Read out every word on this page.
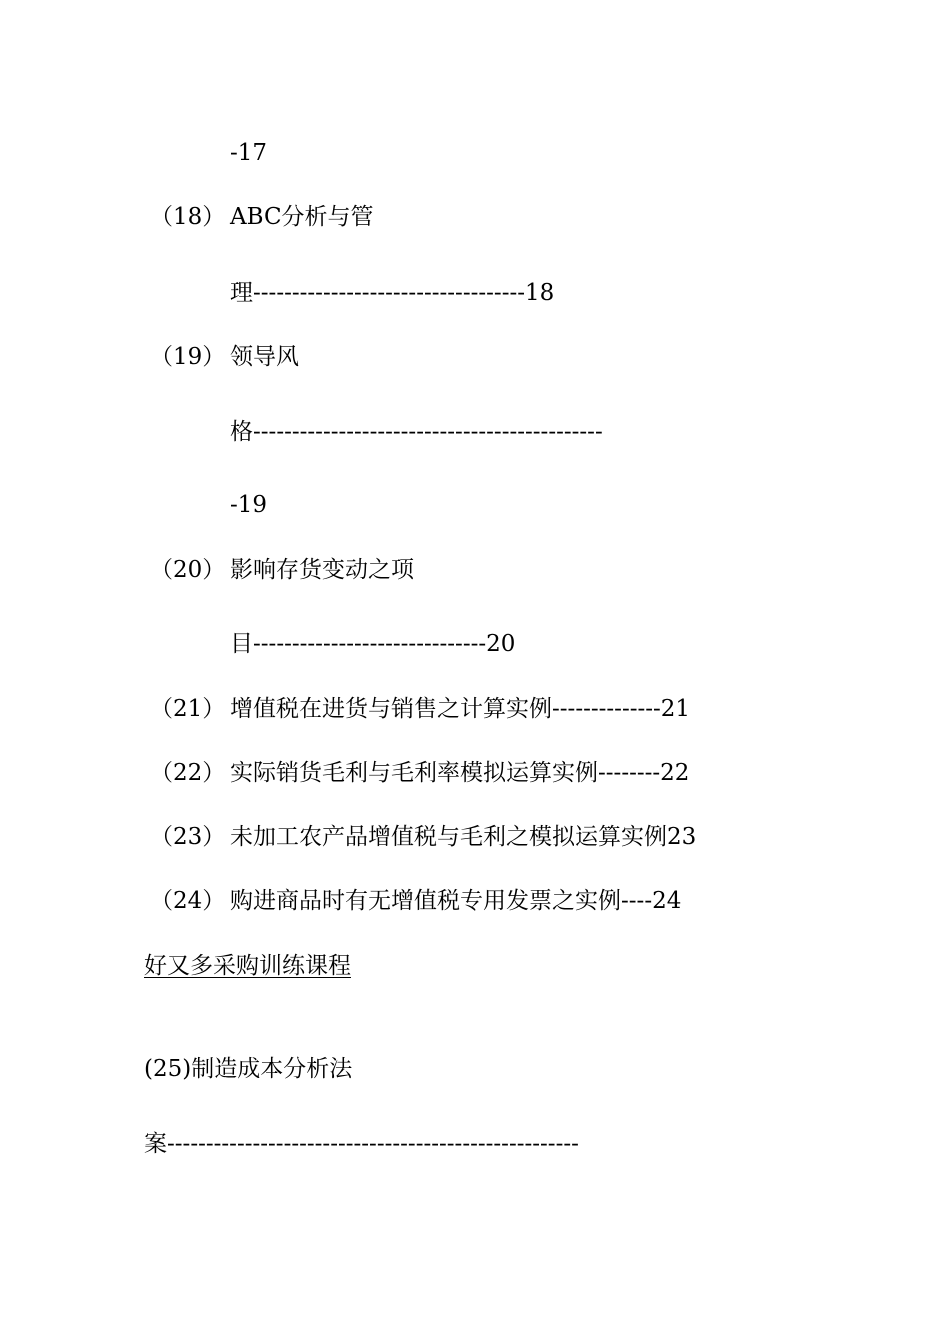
-17
（18） ABC分析与管
理-----------------------------------18
（19） 领导风
格---------------------------------------------
-19
（20） 影响存货变动之项
目------------------------------20
（21） 增值税在进货与销售之计算实例--------------21
（22） 实际销货毛利与毛利率模拟运算实例--------22
（23） 未加工农产品增值税与毛利之模拟运算实例23
（24） 购进商品时有无增值税专用发票之实例----24
好又多采购训练课程
(25)制造成本分析法
案-----------------------------------------------------
